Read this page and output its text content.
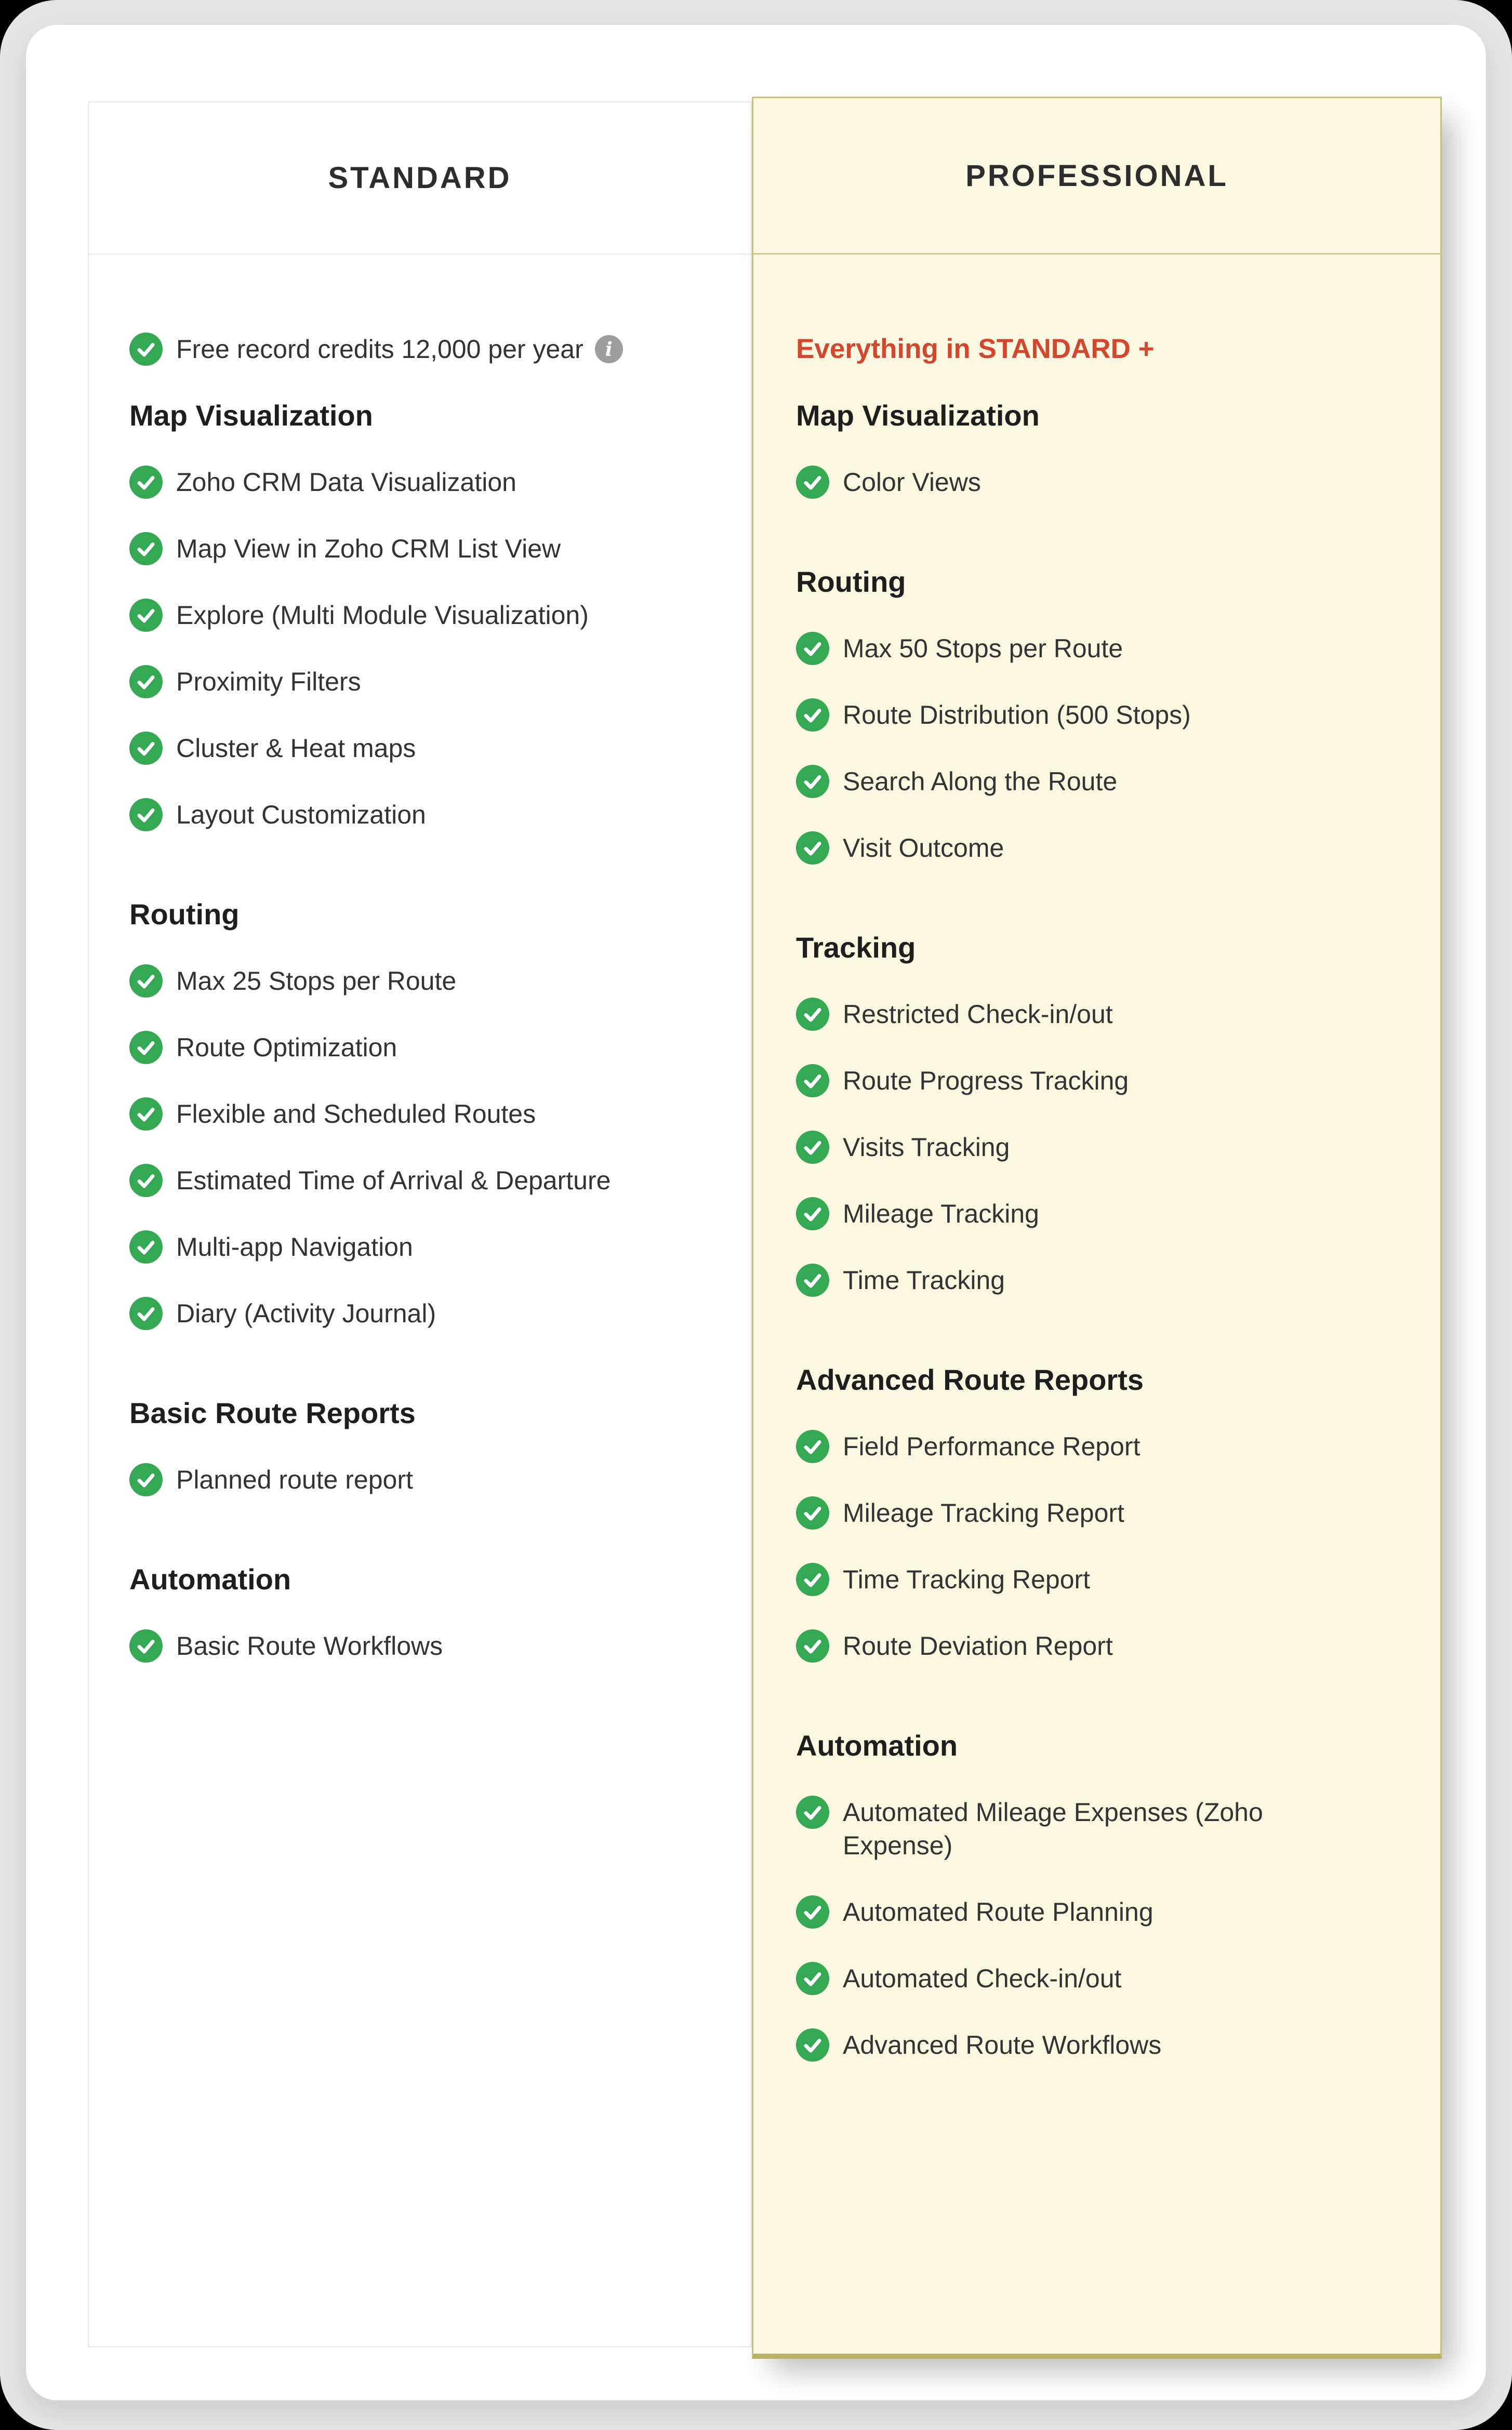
STANDARD
Free record credits 12,000 per year	i
Map Visualization
Zoho CRM Data Visualization
Map View in Zoho CRM List View
Explore (Multi Module Visualization)
Proximity Filters
Cluster & Heat maps
Layout Customization
Routing
Max 25 Stops per Route
Route Optimization
Flexible and Scheduled Routes
Estimated Time of Arrival & Departure
Multi-app Navigation
Diary (Activity Journal)
Basic Route Reports
Planned route report
Automation
Basic Route Workflows
PROFESSIONAL
Everything in STANDARD +
Map Visualization
Color Views
Routing
Max 50 Stops per Route
Route Distribution (500 Stops)
Search Along the Route
Visit Outcome
Tracking
Restricted Check-in/out
Route Progress Tracking
Visits Tracking
Mileage Tracking
Time Tracking
Advanced Route Reports
Field Performance Report
Mileage Tracking Report
Time Tracking Report
Route Deviation Report
Automation
Automated Mileage Expenses (Zoho Expense)
Automated Route Planning
Automated Check-in/out
Advanced Route Workflows
